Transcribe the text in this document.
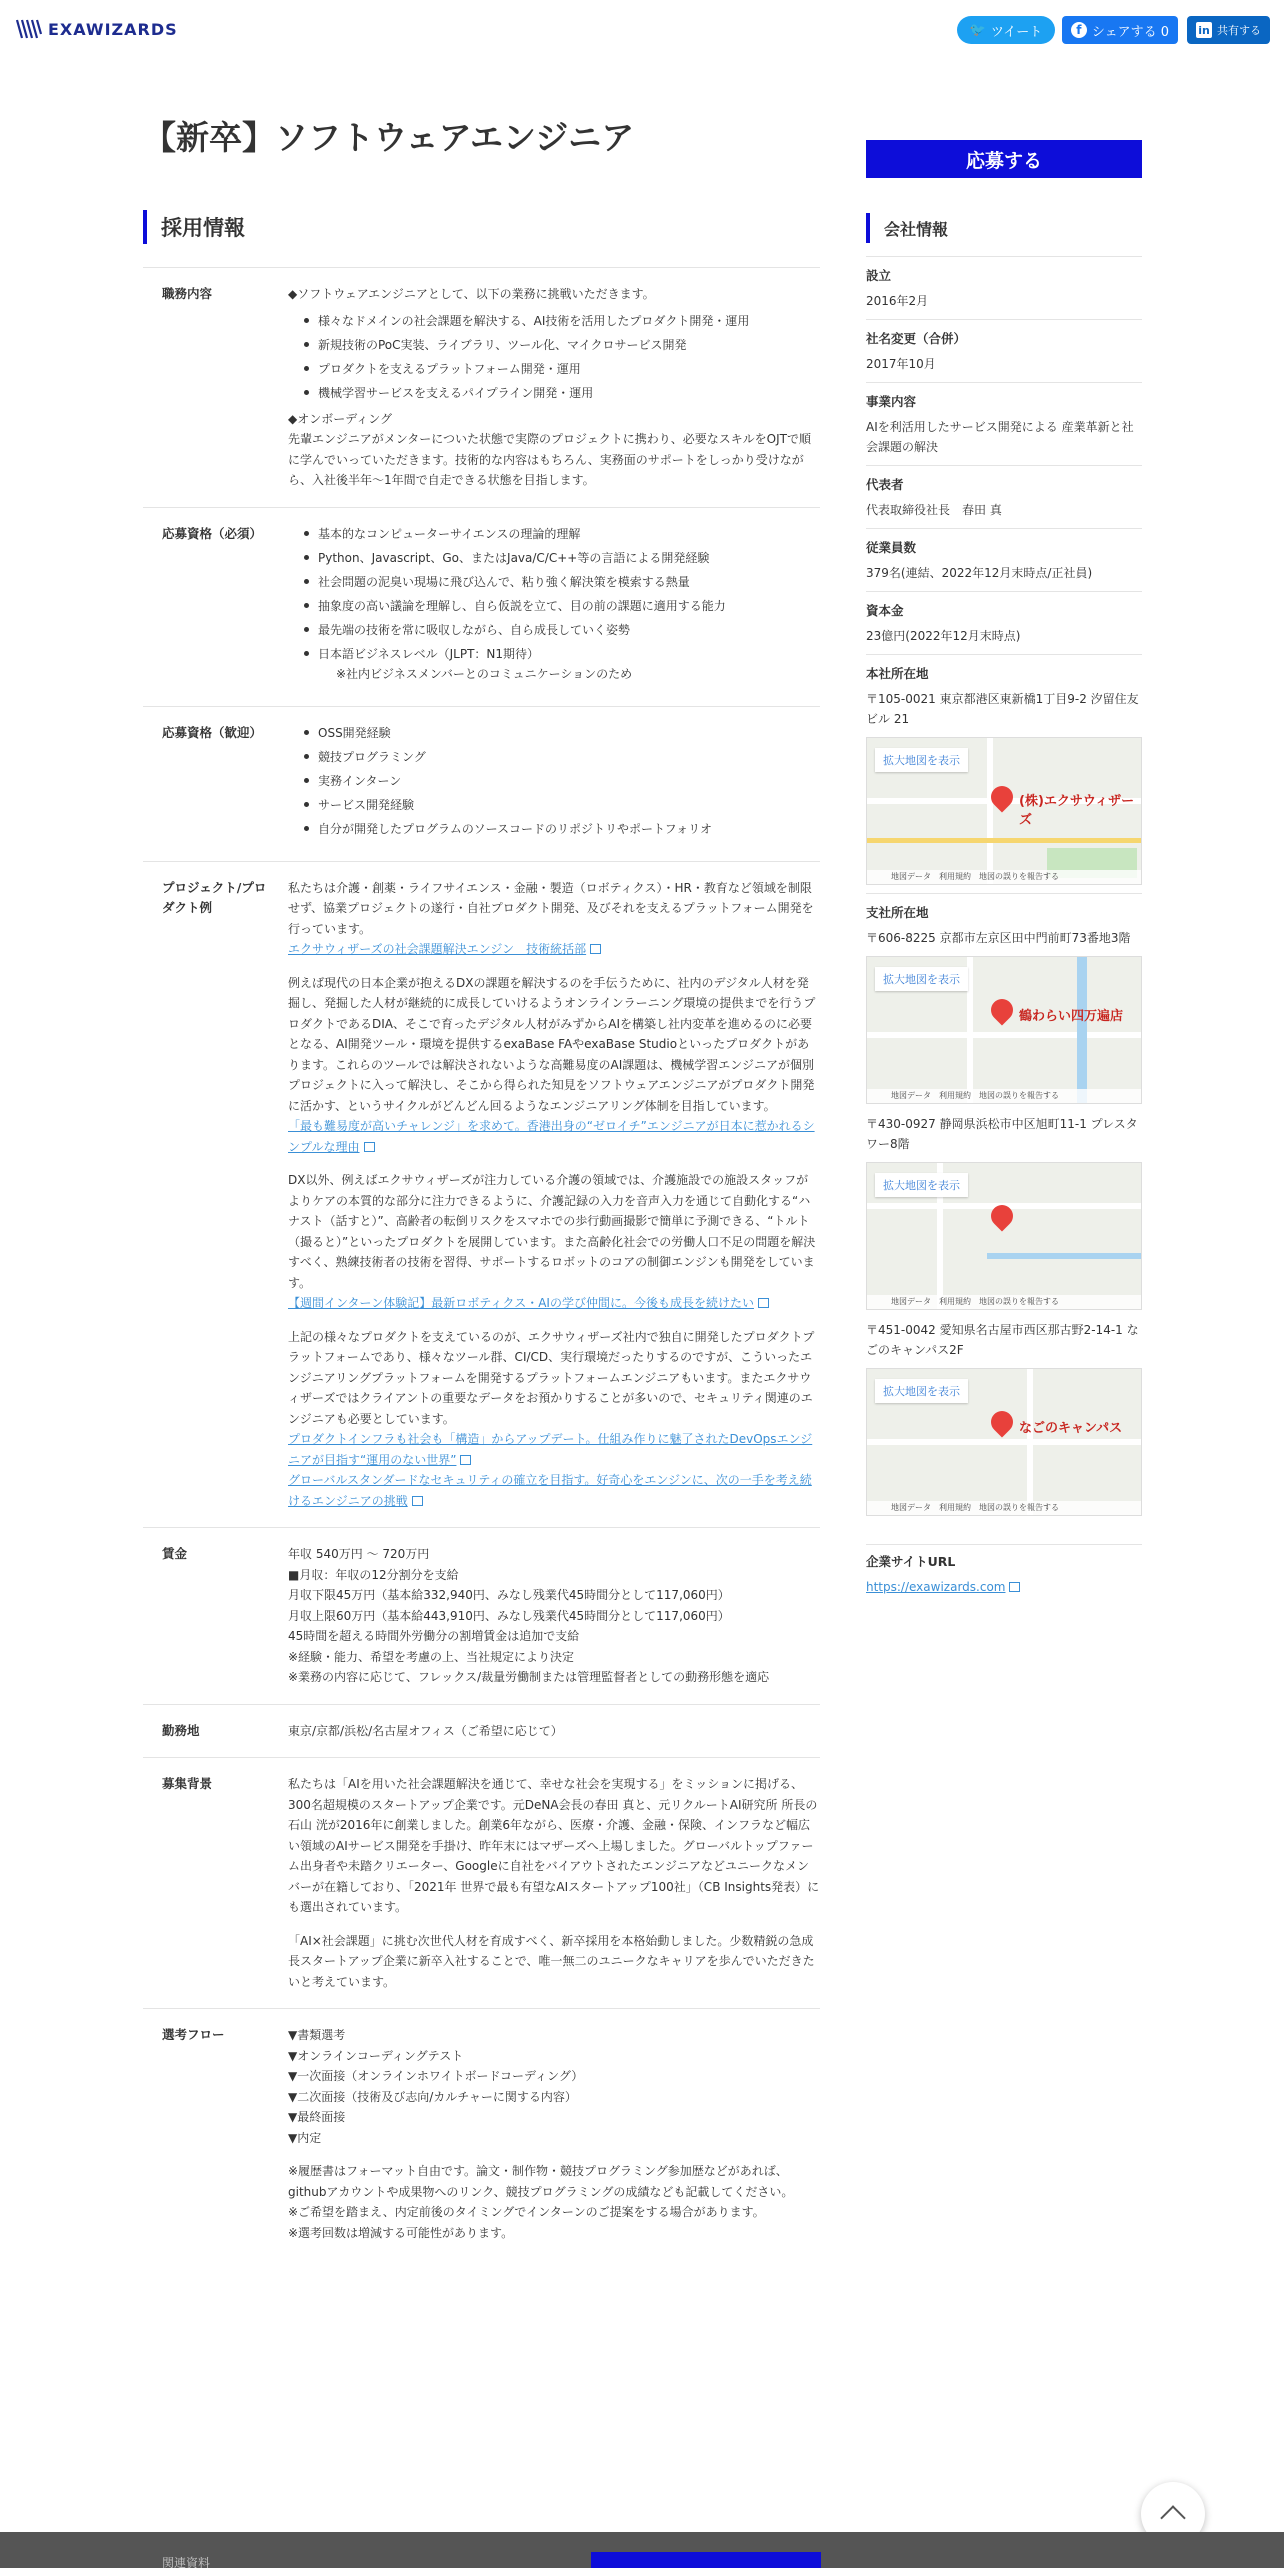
EXAWIZARDS	🐦 ツイート	f シェアする 0	in 共有する
【新卒】ソフトウェアエンジニア
応募する
採用情報	会社情報
職務内容	◆ソフトウェアエンジニアとして、以下の業務に挑戦いただきます。

様々なドメインの社会課題を解決する、AI技術を活用したプロダクト開発・運用
新規技術のPoC実装、ライブラリ、ツール化、マイクロサービス開発
プロダクトを支えるプラットフォーム開発・運用
機械学習サービスを支えるパイプライン開発・運用

◆オンボーディング

先輩エンジニアがメンターについた状態で実際のプロジェクトに携わり、必要なスキルをOJTで順に学んでいっていただきます。技術的な内容はもちろん、実務面のサポートをしっかり受けながら、入社後半年〜1年間で自走できる状態を目指します。

応募資格（必須）	基本的なコンピューターサイエンスの理論的理解
Python、Javascript、Go、またはJava/C/C++等の言語による開発経験
社会問題の泥臭い現場に飛び込んで、粘り強く解決策を模索する熱量
抽象度の高い議論を理解し、自ら仮説を立て、目の前の課題に適用する能力
最先端の技術を常に吸収しながら、自ら成長していく姿勢
日本語ビジネスレベル（JLPT：N1期待）
※社内ビジネスメンバーとのコミュニケーションのため
応募資格（歓迎）	OSS開発経験
競技プログラミング
実務インターン
サービス開発経験
自分が開発したプログラムのソースコードのリポジトリやポートフォリオ
プロジェクト/プロダクト例

私たちは介護・創薬・ライフサイエンス・金融・製造（ロボティクス）・HR・教育など領域を制限せず、協業プロジェクトの遂行・自社プロダクト開発、及びそれを支えるプラットフォーム開発を行っています。

エクサウィザーズの社会課題解決エンジン　技術統括部

例えば現代の日本企業が抱えるDXの課題を解決するのを手伝うために、社内のデジタル人材を発掘し、発掘した人材が継続的に成長していけるようオンラインラーニング環境の提供までを行うプロダクトであるDIA、そこで育ったデジタル人材がみずからAIを構築し社内変革を進めるのに必要となる、AI開発ツール・環境を提供するexaBase FAやexaBase Studioといったプロダクトがあります。これらのツールでは解決されないような高難易度のAI課題は、機械学習エンジニアが個別プロジェクトに入って解決し、そこから得られた知見をソフトウェアエンジニアがプロダクト開発に活かす、というサイクルがどんどん回るようなエンジニアリング体制を目指しています。

「最も難易度が高いチャレンジ」を求めて。香港出身の“ゼロイチ”エンジニアが日本に惹かれるシンプルな理由

DX以外、例えばエクサウィザーズが注力している介護の領域では、介護施設での施設スタッフがよりケアの本質的な部分に注力できるように、介護記録の入力を音声入力を通じて自動化する“ハナスト（話すと）”、高齢者の転倒リスクをスマホでの歩行動画撮影で簡単に予測できる、“トルト（撮ると）”といったプロダクトを展開しています。また高齢化社会での労働人口不足の問題を解決すべく、熟練技術者の技術を習得、サポートするロボットのコアの制御エンジンも開発をしています。

【週間インターン体験記】最新ロボティクス・AIの学び仲間に。今後も成長を続けたい

上記の様々なプロダクトを支えているのが、エクサウィザーズ社内で独自に開発したプロダクトプラットフォームであり、様々なツール群、CI/CD、実行環境だったりするのですが、こういったエンジニアリングプラットフォームを開発するプラットフォームエンジニアもいます。またエクサウィザーズではクライアントの重要なデータをお預かりすることが多いので、セキュリティ関連のエンジニアも必要としています。

プロダクトインフラも社会も「構造」からアップデート。仕組み作りに魅了されたDevOpsエンジニアが目指す“運用のない世界”

グローバルスタンダードなセキュリティの確立を目指す。好奇心をエンジンに、次の一手を考え続けるエンジニアの挑戦

賃金	年収 540万円 〜 720万円

■月収：年収の12分割分を支給

月収下限45万円（基本給332,940円、みなし残業代45時間分として117,060円）

月収上限60万円（基本給443,910円、みなし残業代45時間分として117,060円）

45時間を超える時間外労働分の割増賃金は追加で支給

※経験・能力、希望を考慮の上、当社規定により決定

※業務の内容に応じて、フレックス/裁量労働制または管理監督者としての動務形態を適応

勤務地	東京/京都/浜松/名古屋オフィス（ご希望に応じて）
募集背景	私たちは「AIを用いた社会課題解決を通じて、幸せな社会を実現する」をミッションに掲げる、300名超規模のスタートアップ企業です。元DeNA会長の春田 真と、元リクルートAI研究所 所長の石山 洸が2016年に創業しました。創業6年ながら、医療・介護、金融・保険、インフラなど幅広い領域のAIサービス開発を手掛け、昨年末にはマザーズへ上場しました。グローバルトップファーム出身者や未踏クリエーター、Googleに自社をバイアウトされたエンジニアなどユニークなメンバーが在籍しており、「2021年 世界で最も有望なAIスタートアップ100社」（CB Insights発表）にも選出されています。

「AI×社会課題」に挑む次世代人材を育成すべく、新卒採用を本格始動しました。少数精鋭の急成長スタートアップ企業に新卒入社することで、唯一無二のユニークなキャリアを歩んでいただきたいと考えています。

選考フロー	▼書類選考

▼オンラインコーディングテスト

▼一次面接（オンラインホワイトボードコーディング）

▼二次面接（技術及び志向/カルチャーに関する内容）

▼最終面接

▼内定

※履歴書はフォーマット自由です。論文・制作物・競技プログラミング参加歴などがあれば、githubアカウントや成果物へのリンク、競技プログラミングの成績なども記載してください。

※ご希望を踏まえ、内定前後のタイミングでインターンのご提案をする場合があります。

※選考回数は増減する可能性があります。

設立
2016年2月
社名変更（合併）
2017年10月
事業内容
AIを利活用したサービス開発による 産業革新と社会課題の解決
代表者
代表取締役社長　春田 真
従業員数
379名(連結、2022年12月末時点/正社員)
資本金
23億円(2022年12月末時点)
本社所在地
〒105-0021 東京都港区東新橋1丁目9-2 汐留住友ビル 21
拡大地図を表示
(株)エクサウィザーズ
地図データ　利用規約　地図の誤りを報告する
支社所在地
〒606-8225 京都市左京区田中門前町73番地3階
拡大地図を表示
鶴わらい四万遍店
地図データ　利用規約　地図の誤りを報告する
〒430-0927 静岡県浜松市中区旭町11-1 プレスタワー8階
拡大地図を表示
地図データ　利用規約　地図の誤りを報告する
〒451-0042 愛知県名古屋市西区那古野2-14-1 なごのキャンパス2F
拡大地図を表示
なごのキャンパス
地図データ　利用規約　地図の誤りを報告する
企業サイトURL
https://exawizards.com
関連資料
